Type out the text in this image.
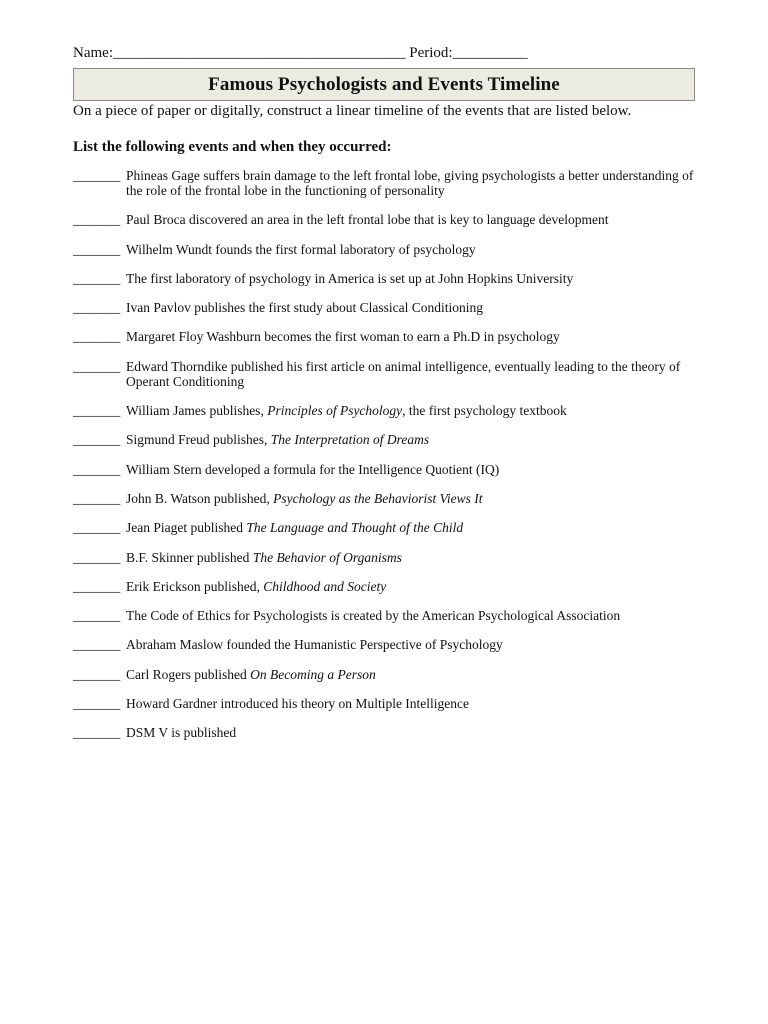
Name:_______________________________________ Period:__________
Famous Psychologists and Events Timeline
On a piece of paper or digitally, construct a linear timeline of the events that are listed below.
List the following events and when they occurred:
_______ Phineas Gage suffers brain damage to the left frontal lobe, giving psychologists a better understanding of the role of the frontal lobe in the functioning of personality
_______ Paul Broca discovered an area in the left frontal lobe that is key to language development
_______ Wilhelm Wundt founds the first formal laboratory of psychology
_______ The first laboratory of psychology in America is set up at John Hopkins University
_______ Ivan Pavlov publishes the first study about Classical Conditioning
_______ Margaret Floy Washburn becomes the first woman to earn a Ph.D in psychology
_______ Edward Thorndike published his first article on animal intelligence, eventually leading to the theory of Operant Conditioning
_______ William James publishes, Principles of Psychology, the first psychology textbook
_______ Sigmund Freud publishes, The Interpretation of Dreams
_______ William Stern developed a formula for the Intelligence Quotient (IQ)
_______ John B. Watson published, Psychology as the Behaviorist Views It
_______ Jean Piaget published The Language and Thought of the Child
_______ B.F. Skinner published The Behavior of Organisms
_______ Erik Erickson published, Childhood and Society
_______ The Code of Ethics for Psychologists is created by the American Psychological Association
_______ Abraham Maslow founded the Humanistic Perspective of Psychology
_______ Carl Rogers published On Becoming a Person
_______ Howard Gardner introduced his theory on Multiple Intelligence
_______ DSM V is published
